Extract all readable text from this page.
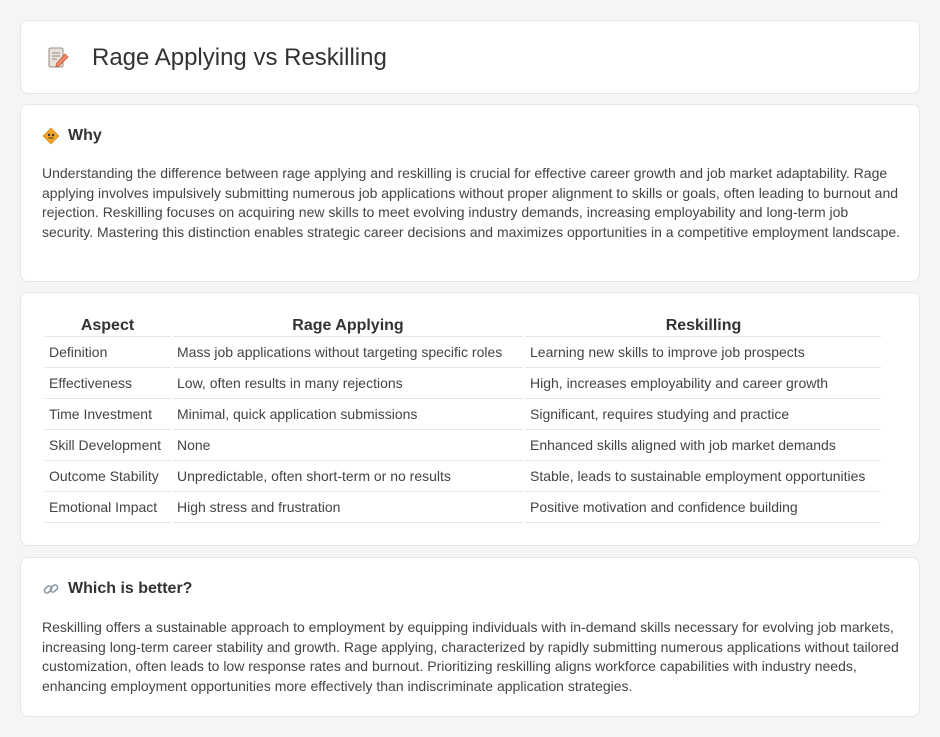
Rage Applying vs Reskilling
Why

Understanding the difference between rage applying and reskilling is crucial for effective career growth and job market adaptability. Rage applying involves impulsively submitting numerous job applications without proper alignment to skills or goals, often leading to burnout and rejection. Reskilling focuses on acquiring new skills to meet evolving industry demands, increasing employability and long-term job security. Mastering this distinction enables strategic career decisions and maximizes opportunities in a competitive employment landscape.

Aspect	Rage Applying	Reskilling
Definition	Mass job applications without targeting specific roles	Learning new skills to improve job prospects
Effectiveness	Low, often results in many rejections	High, increases employability and career growth
Time Investment	Minimal, quick application submissions	Significant, requires studying and practice
Skill Development	None	Enhanced skills aligned with job market demands
Outcome Stability	Unpredictable, often short-term or no results	Stable, leads to sustainable employment opportunities
Emotional Impact	High stress and frustration	Positive motivation and confidence building
Which is better?

Reskilling offers a sustainable approach to employment by equipping individuals with in-demand skills necessary for evolving job markets, increasing long-term career stability and growth. Rage applying, characterized by rapidly submitting numerous applications without tailored customization, often leads to low response rates and burnout. Prioritizing reskilling aligns workforce capabilities with industry needs, enhancing employment opportunities more effectively than indiscriminate application strategies.
